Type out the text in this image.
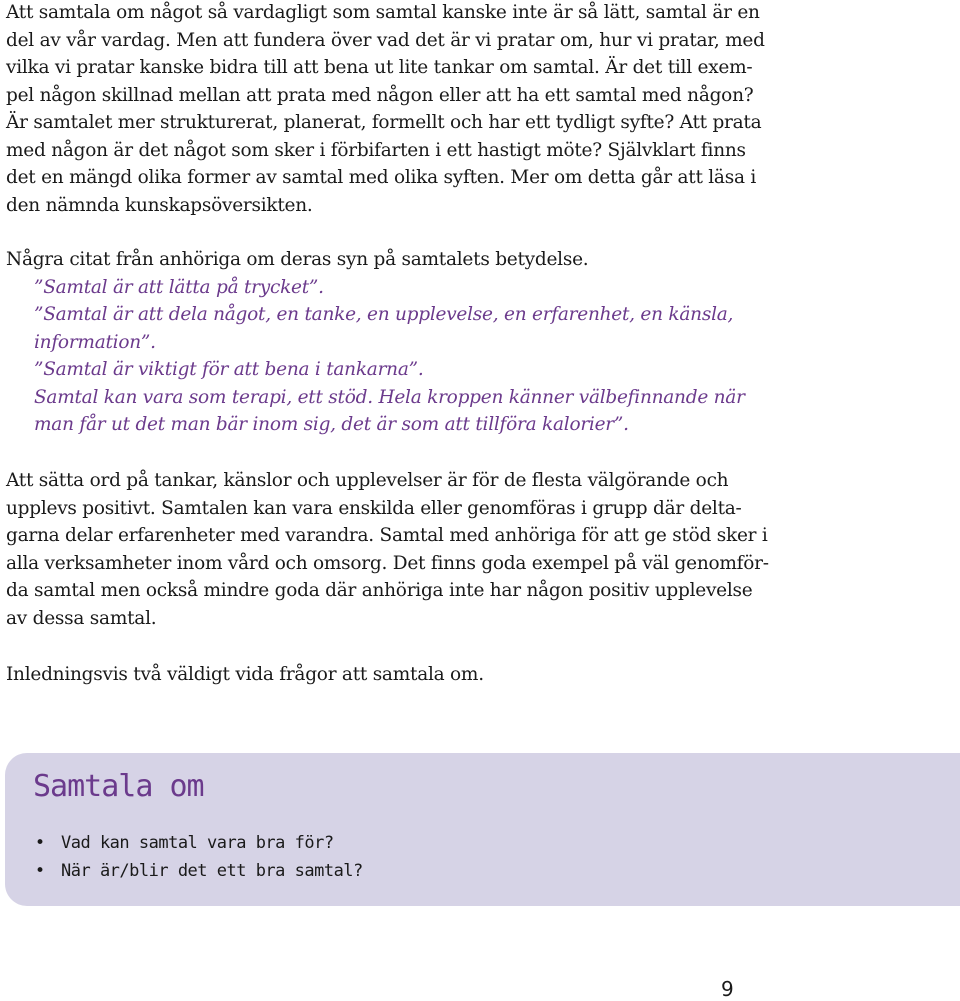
Att samtala om något så vardagligt som samtal kanske inte är så lätt, samtal är en
del av vår vardag. Men att fundera över vad det är vi pratar om, hur vi pratar, med
vilka vi pratar kanske bidra till att bena ut lite tankar om samtal. Är det till exem-
pel någon skillnad mellan att prata med någon eller att ha ett samtal med någon?
Är samtalet mer strukturerat, planerat, formellt och har ett tydligt syfte? Att prata
med någon är det något som sker i förbifarten i ett hastigt möte? Självklart finns
det en mängd olika former av samtal med olika syften. Mer om detta går att läsa i
den nämnda kunskapsöversikten.
Några citat från anhöriga om deras syn på samtalets betydelse.
”Samtal är att lätta på trycket”.
”Samtal är att dela något, en tanke, en upplevelse, en erfarenhet, en känsla,
information”.
”Samtal är viktigt för att bena i tankarna”.
Samtal kan vara som terapi, ett stöd. Hela kroppen känner välbefinnande när
man får ut det man bär inom sig, det är som att tillföra kalorier”.
Att sätta ord på tankar, känslor och upplevelser är för de flesta välgörande och
upplevs positivt. Samtalen kan vara enskilda eller genomföras i grupp där delta-
garna delar erfarenheter med varandra. Samtal med anhöriga för att ge stöd sker i
alla verksamheter inom vård och omsorg. Det finns goda exempel på väl genomför-
da samtal men också mindre goda där anhöriga inte har någon positiv upplevelse
av dessa samtal.
Inledningsvis två väldigt vida frågor att samtala om.
Samtala om
• Vad kan samtal vara bra för?
• När är/blir det ett bra samtal?
9
